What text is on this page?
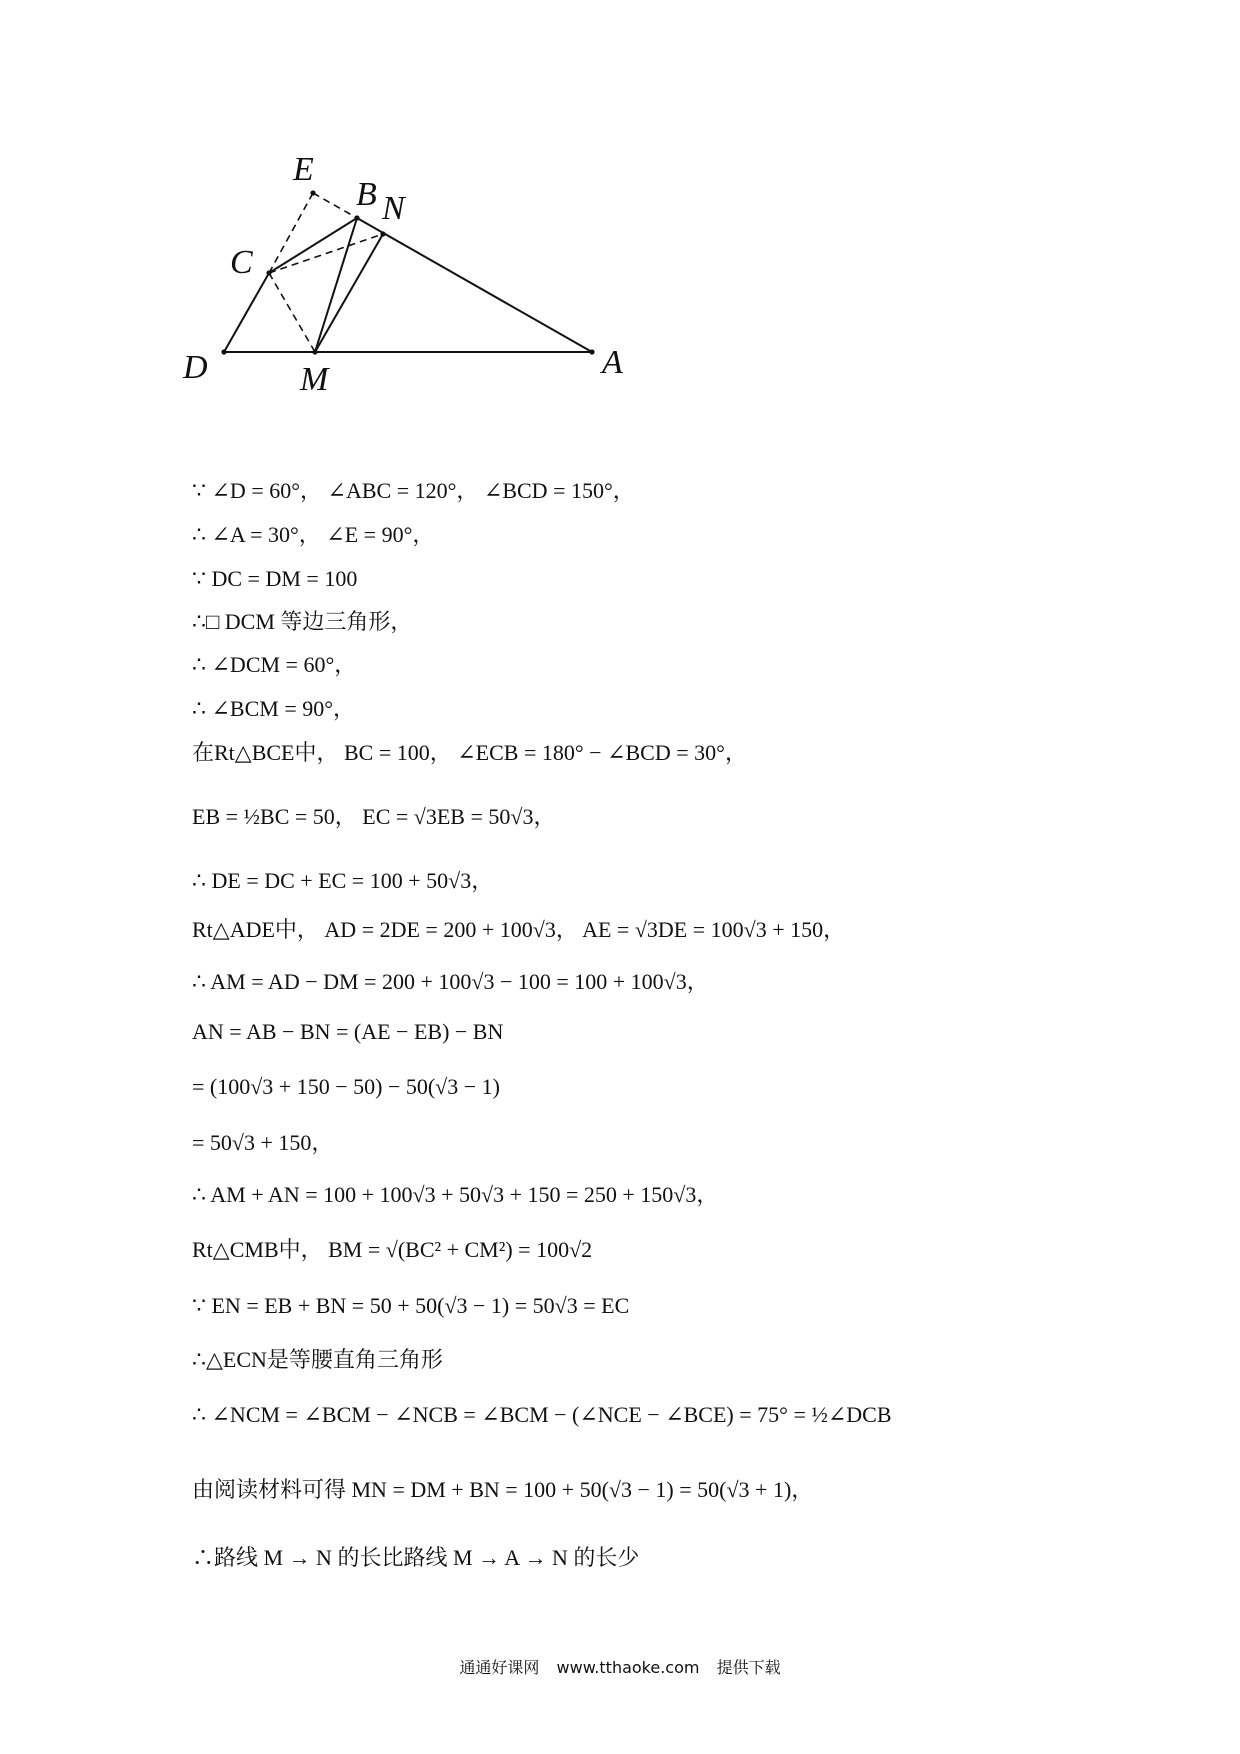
E
B N
C
D	M	A
∵ ∠D = 60°， ∠ABC = 120°， ∠BCD = 150°，
∴ ∠A = 30°， ∠E = 90°，
∵ DC = DM = 100
∴□ DCM 等边三角形，
∴ ∠DCM = 60°，
∴ ∠BCM = 90°，
在Rt△BCE中， BC = 100， ∠ECB = 180° − ∠BCD = 30°，
EB = ½BC = 50， EC = √3EB = 50√3，
∴ DE = DC + EC = 100 + 50√3，
Rt△ADE中， AD = 2DE = 200 + 100√3， AE = √3DE = 100√3 + 150，
∴ AM = AD − DM = 200 + 100√3 − 100 = 100 + 100√3，
AN = AB − BN = (AE − EB) − BN
= (100√3 + 150 − 50) − 50(√3 − 1)
= 50√3 + 150，
∴ AM + AN = 100 + 100√3 + 50√3 + 150 = 250 + 150√3，
Rt△CMB中， BM = √(BC² + CM²) = 100√2
∵ EN = EB + BN = 50 + 50(√3 − 1) = 50√3 = EC
∴△ECN是等腰直角三角形
∴ ∠NCM = ∠BCM − ∠NCB = ∠BCM − (∠NCE − ∠BCE) = 75° = ½∠DCB
由阅读材料可得 MN = DM + BN = 100 + 50(√3 − 1) = 50(√3 + 1)，
∴路线 M → N 的长比路线 M → A → N 的长少
通通好课网 www.tthaoke.com 提供下载
